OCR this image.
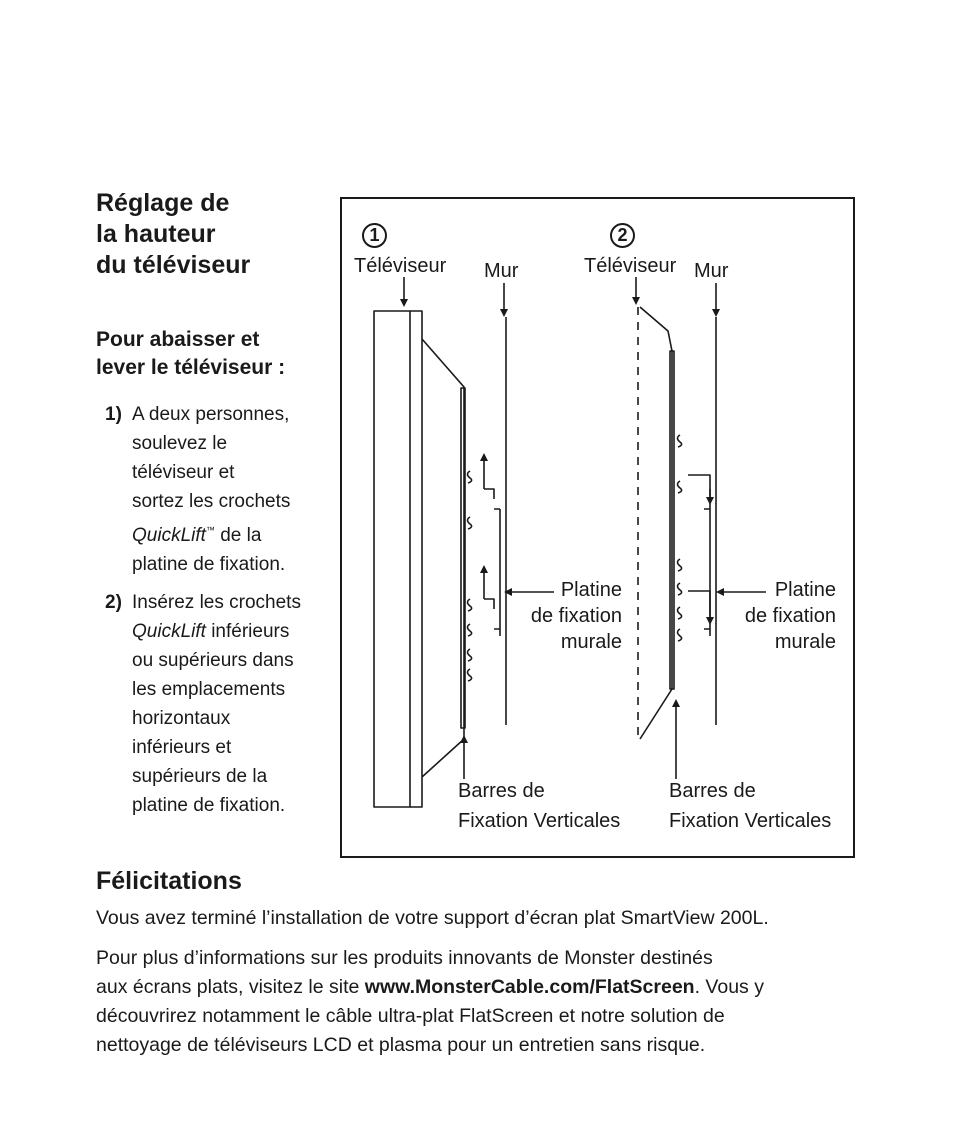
Réglage de
la hauteur
du téléviseur
Pour abaisser et
lever le téléviseur :
1) A deux personnes,
soulevez le
téléviseur et
sortez les crochets
QuickLift™ de la
platine de fixation.
2) Insérez les crochets
QuickLift inférieurs
ou supérieurs dans
les emplacements
horizontaux
inférieurs et
supérieurs de la
platine de fixation.
1	2
Téléviseur Mur	Téléviseur Mur
Platine
de fixation
murale
Platine
de fixation
murale
Barres de
Fixation Verticales
Barres de
Fixation Verticales
Félicitations

Vous avez terminé l’installation de votre support d’écran plat SmartView 200L.

Pour plus d’informations sur les produits innovants de Monster destinés
aux écrans plats, visitez le site www.MonsterCable.com/FlatScreen. Vous y
découvrirez notamment le câble ultra-plat FlatScreen et notre solution de
nettoyage de téléviseurs LCD et plasma pour un entretien sans risque.
